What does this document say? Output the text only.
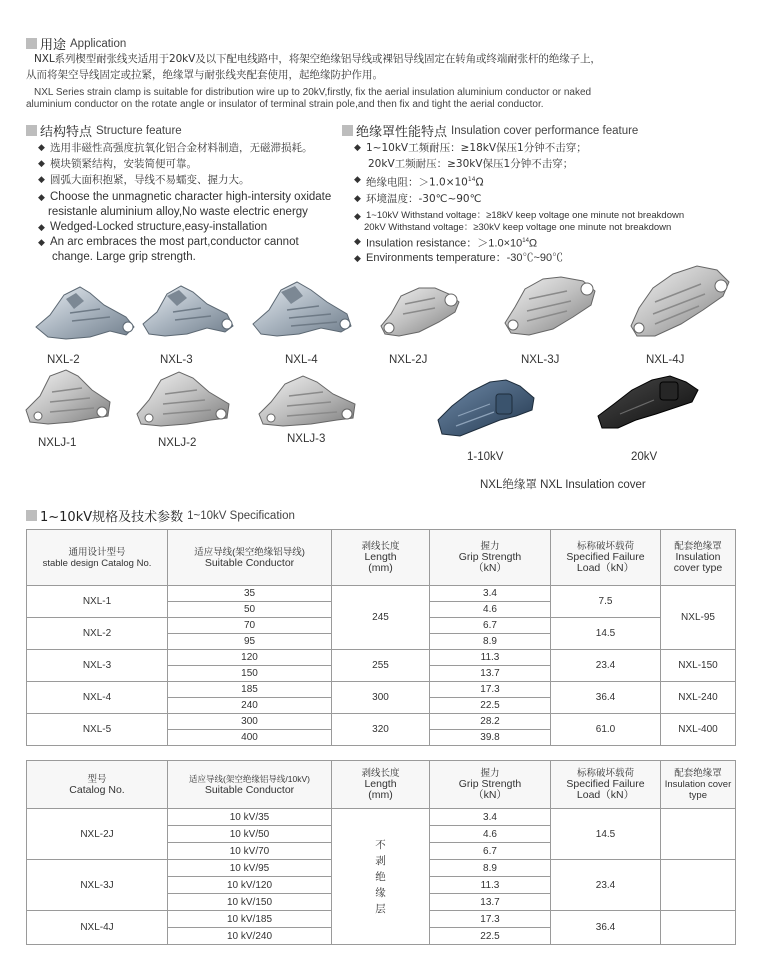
用途 Application
NXL系列楔型耐张线夹适用于20kV及以下配电线路中，将架空绝缘铝导线或裸铝导线固定在转角或终端耐张杆的绝缘子上，
从而将架空导线固定或拉紧，绝缘罩与耐张线夹配套使用，起绝缘防护作用。
NXL Series strain clamp is suitable for distribution wire up to 20kV,firstly, fix the aerial insulation aluminium conductor or naked
aluminium conductor on the rotate angle or insulator of terminal strain pole,and then fix and tight the aerial conductor.
结构特点 Structure feature
◆ 选用非磁性高强度抗氧化铝合金材料制造，无磁滞损耗。
◆ 模块锁紧结构，安装简便可靠。
◆ 圆弧大面积抱紧，导线不易蠕变、握力大。
◆ Choose the unmagnetic character high-intersity oxidate
resistanle aluminium alloy,No waste electric energy
◆ Wedged-Locked structure,easy-installation
◆ An arc embraces the most part,conductor cannot
change. Large grip strength.
绝缘罩性能特点 Insulation cover performance feature
◆ 1~10kV工频耐压：≥18kV保压1分钟不击穿；
20kV工频耐压：≥30kV保压1分钟不击穿；
◆ 绝缘电阻：$>1.0\times 10^{14}\Omega$
◆ 环境温度：-30℃~90℃
◆ 1~10kV Withstand voltage：≥18kV keep voltage one minute not breakdown
20kV Withstand voltage：≥30kV keep voltage one minute not breakdown
◆ Insulation resistance：$>1.0\times 10^{14}\Omega$
◆ Environments temperature：-30℃~90℃
NXL-2	NXL-3	NXL-4	NXL-2J	NXL-3J	NXL-4J
NXLJ-1	NXLJ-2	NXLJ-3
1-10kV	20kV
NXL绝缘罩 NXL Insulation cover
1~10kV规格及技术参数 1~10kV Specification
通用设计型号
stable design Catalog No.	适应导线(架空绝缘铝导线)
Suitable Conductor	剥线长度
Length
(mm)	握力
Grip Strength
（kN）	标称破坏载荷
Specified Failure
Load（kN）	配套绝缘罩
Insulation
cover type

NXL-1	35	245	3.4	7.5	NXL-95
	50		4.6		
NXL-2	70		6.7	14.5	
	95		8.9		
NXL-3	120	255	11.3	23.4	NXL-150
	150		13.7		
NXL-4	185	300	17.3	36.4	NXL-240
	240		22.5		
NXL-5	300	320	28.2	61.0	NXL-400
	400		39.8		
型号
Catalog No.	适应导线(架空绝缘铝导线/10kV)
Suitable Conductor	剥线长度
Length
(mm)	握力
Grip Strength
（kN）	标称破坏载荷
Specified Failure
Load（kN）	配套绝缘罩
Insulation cover type

NXL-2J	10 kV/35	不
剥
绝
缘
层	3.4	14.5	
	10 kV/50		4.6		
	10 kV/70		6.7		
NXL-3J	10 kV/95		8.9	23.4	
	10 kV/120		11.3		
	10 kV/150		13.7		
NXL-4J	10 kV/185		17.3	36.4	
	10 kV/240		22.5		
